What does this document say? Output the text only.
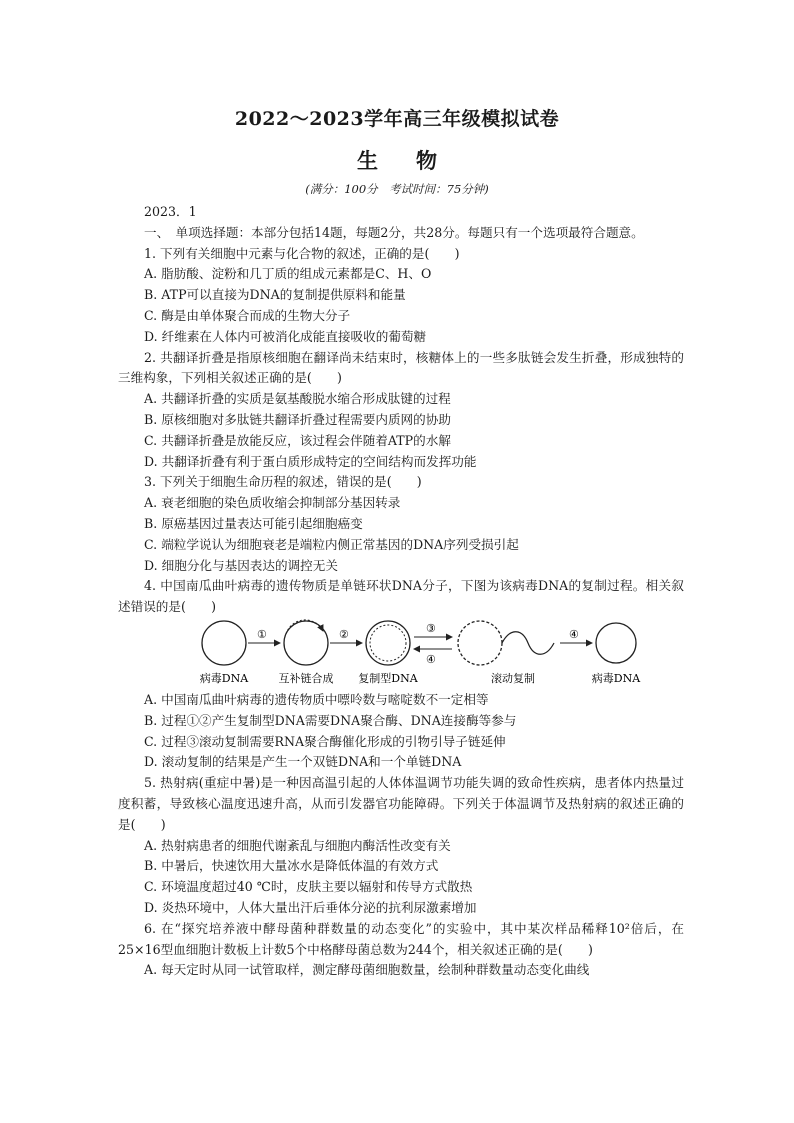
2022～2023学年高三年级模拟试卷
生物
(满分：100分　考试时间：75分钟)
2023．1
一、　单项选择题：本部分包括14题，每题2分，共28分。每题只有一个选项最符合题意。
1. 下列有关细胞中元素与化合物的叙述，正确的是(　　)
A. 脂肪酸、淀粉和几丁质的组成元素都是C、H、O
B. ATP可以直接为DNA的复制提供原料和能量
C. 酶是由单体聚合而成的生物大分子
D. 纤维素在人体内可被消化成能直接吸收的葡萄糖
2. 共翻译折叠是指原核细胞在翻译尚未结束时，核糖体上的一些多肽链会发生折叠，形成独特的三维构象，下列相关叙述正确的是(　　)
A. 共翻译折叠的实质是氨基酸脱水缩合形成肽键的过程
B. 原核细胞对多肽链共翻译折叠过程需要内质网的协助
C. 共翻译折叠是放能反应，该过程会伴随着ATP的水解
D. 共翻译折叠有利于蛋白质形成特定的空间结构而发挥功能
3. 下列关于细胞生命历程的叙述，错误的是(　　)
A. 衰老细胞的染色质收缩会抑制部分基因转录
B. 原癌基因过量表达可能引起细胞癌变
C. 端粒学说认为细胞衰老是端粒内侧正常基因的DNA序列受损引起
D. 细胞分化与基因表达的调控无关
4. 中国南瓜曲叶病毒的遗传物质是单链环状DNA分子，下图为该病毒DNA的复制过程。相关叙述错误的是(　　)
①	②	③
④
④
病毒DNA	互补链合成 复制型DNA	滚动复制	病毒DNA
A. 中国南瓜曲叶病毒的遗传物质中嘌呤数与嘧啶数不一定相等
B. 过程①②产生复制型DNA需要DNA聚合酶、DNA连接酶等参与
C. 过程③滚动复制需要RNA聚合酶催化形成的引物引导子链延伸
D. 滚动复制的结果是产生一个双链DNA和一个单链DNA
5. 热射病(重症中暑)是一种因高温引起的人体体温调节功能失调的致命性疾病，患者体内热量过度积蓄，导致核心温度迅速升高，从而引发器官功能障碍。下列关于体温调节及热射病的叙述正确的是(　　)
A. 热射病患者的细胞代谢紊乱与细胞内酶活性改变有关
B. 中暑后，快速饮用大量冰水是降低体温的有效方式
C. 环境温度超过40 ℃时，皮肤主要以辐射和传导方式散热
D. 炎热环境中，人体大量出汗后垂体分泌的抗利尿激素增加
6. 在“探究培养液中酵母菌种群数量的动态变化”的实验中，其中某次样品稀释10²倍后，在25×16型血细胞计数板上计数5个中格酵母菌总数为244个，相关叙述正确的是(　　)
A. 每天定时从同一试管取样，测定酵母菌细胞数量，绘制种群数量动态变化曲线
